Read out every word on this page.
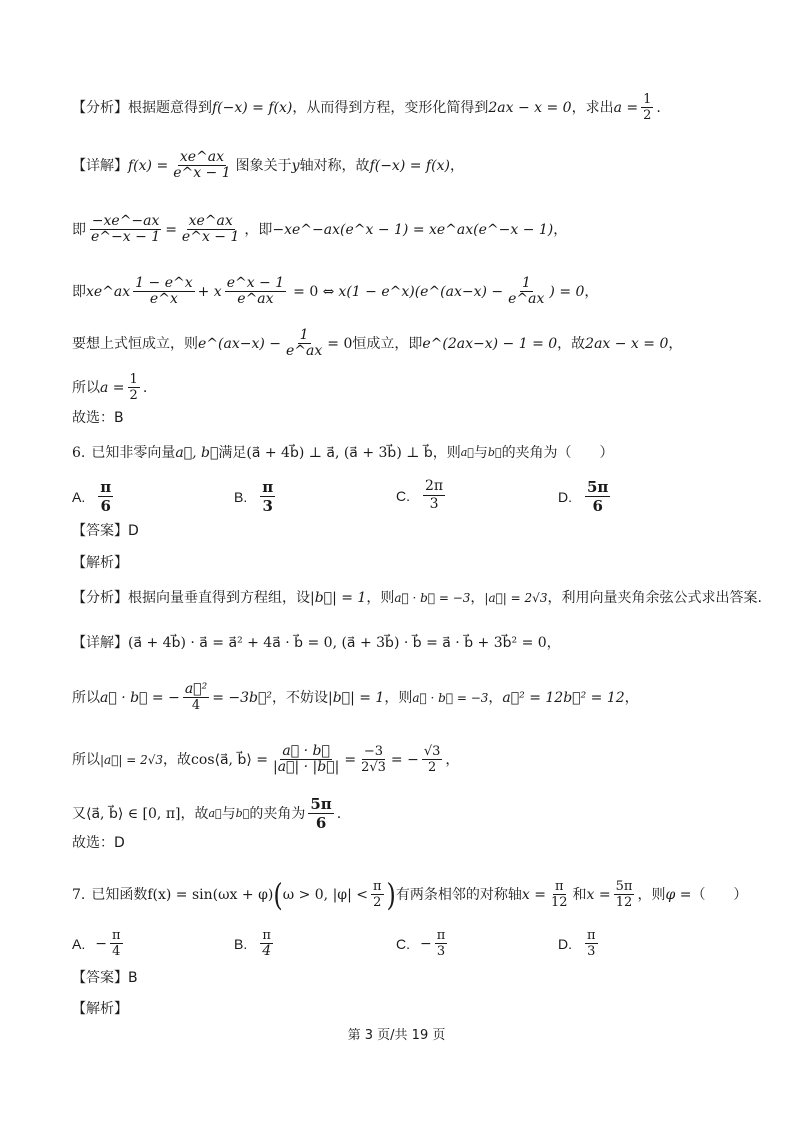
【分析】 根据题意得到 f(−x) = f(x) ，从而得到方程，变形化简得到 2ax − x = 0 ，求出 $a = \frac{1}{2}$ .
【详解】 $f(x) = \frac{xe\^{}ax}{e\^{}x - 1}$ 图象关于 y 轴对称，故 f(−x) = f(x) ，
即 $\frac{-xe\^{}-ax}{e\^{}-x - 1} = \frac{xe\^{}ax}{e\^{}x - 1}$ ，即 −xe^−ax(e^x − 1) = xe^ax(e^−x − 1) ，
即 xe^ax $\frac{1 - e\^{}x}{e\^{}x} + x \frac{e\^{}x - 1}{e\^{}ax} = 0$ ⇔ x(1 − e^x)(e^(ax−x) − $\frac{1}{e\^{}ax}$ ) = 0 ，
要想上式恒成立，则 e^(ax−x) − $\frac{1}{e\^{}ax} = 0$ 恒成立，即 e^(2ax−x) − 1 = 0 ，故 2ax − x = 0 ，
所以 $a = \frac{1}{2}$ .
故选：B
6. 已知非零向量 a⃗, b⃗ 满足 (a⃗ + 4b⃗) ⊥ a⃗, (a⃗ + 3b⃗) ⊥ b⃗ ，则 a⃗ 与 b⃗ 的夹角为（　　）
A. $\frac{\pi}{6}$	B. $\frac{\pi}{3}$	C. $\frac{2\pi}{3}$	D. $\frac{5\pi}{6}$
【答案】D
【解析】
【分析】 根据向量垂直得到方程组，设 |b⃗| = 1 ，则 a⃗ · b⃗ = −3 ， |a⃗| = 2√3 ，利用向量夹角余弦公式求出答案.
【详解】 (a⃗ + 4b⃗) · a⃗ = a⃗² + 4a⃗ · b⃗ = 0, (a⃗ + 3b⃗) · b⃗ = a⃗ · b⃗ + 3b⃗² = 0 ，
所以 a⃗ · b⃗ = − $\frac{\text{a⃗²}}{4}$ = −3b⃗² ，不妨设 |b⃗| = 1 ，则 a⃗ · b⃗ = −3 ， a⃗² = 12b⃗² = 12 ，
所以 |a⃗| = 2√3 ，故 cos⟨a⃗, b⃗⟩ = $\frac{a⃗ \cdot b⃗}{|a⃗| \cdot |b⃗|} = \frac{-3}{2√3}$ = − $\frac{√3}{2}$ ，
又 ⟨a⃗, b⃗⟩ ∈ [0, π] ，故 a⃗ 与 b⃗ 的夹角为 $\frac{5\pi}{6}$ .
故选：D
7. 已知函数 f(x) = sin(ωx + φ) ( ω > 0, $|\varphi| < \frac{\pi}{2}$ ) 有两条相邻的对称轴 $x = \frac{\pi}{12}$ 和 $x = \frac{5\pi}{12}$ ，则 φ = （　　）
A. − $\frac{\pi}{4}$	B. $\frac{\pi}{4}$	C. − $\frac{\pi}{3}$	D. $\frac{\pi}{3}$
【答案】B
【解析】
第 3 页/共 19 页
